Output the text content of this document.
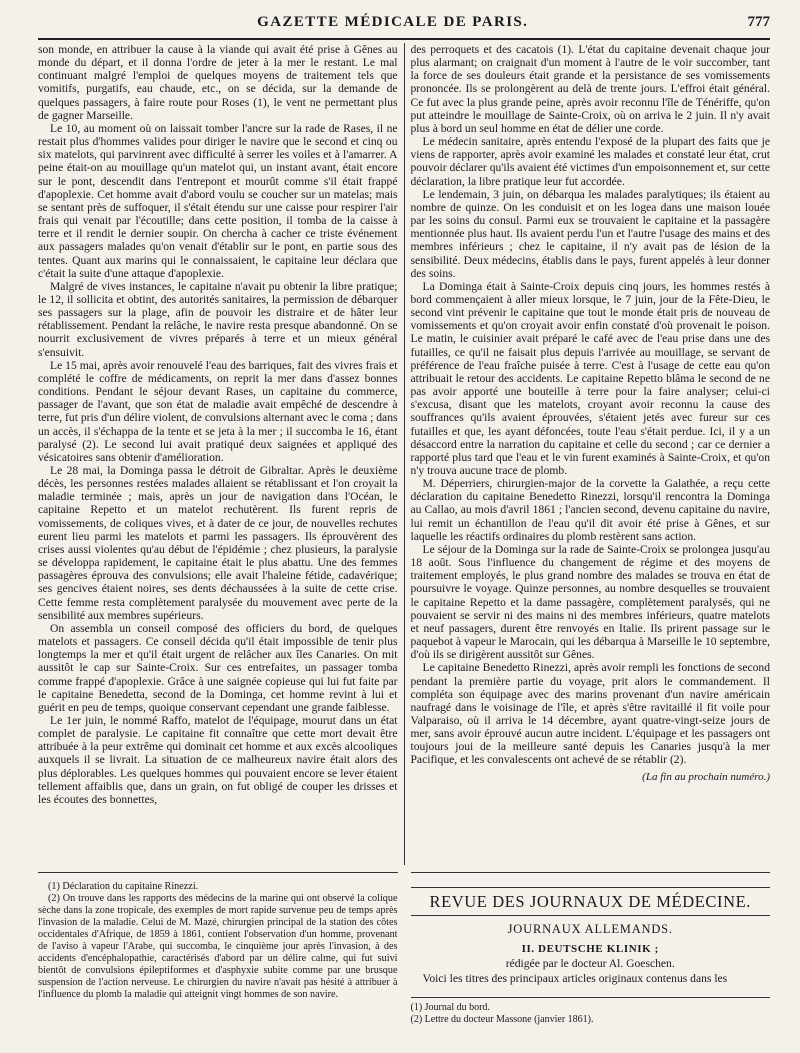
GAZETTE MÉDICALE DE PARIS.	777

son monde, en attribuer la cause à la viande qui avait été prise à Gênes au monde du départ, et il donna l'ordre de jeter à la mer le restant. Le mal continuant malgré l'emploi de quelques moyens de traitement tels que vomitifs, purgatifs, eau chaude, etc., on se décida, sur la demande de quelques passagers, à faire route pour Roses (1), le vent ne permettant plus de gagner Marseille.

Le 10, au moment où on laissait tomber l'ancre sur la rade de Rases, il ne restait plus d'hommes valides pour diriger le navire que le second et cinq ou six matelots, qui parvinrent avec difficulté à serrer les voiles et à l'amarrer. A peine était-on au mouillage qu'un matelot qui, un instant avant, était encore sur le pont, descendit dans l'entrepont et mourût comme s'il était frappé d'apoplexie. Cet homme avait d'abord voulu se coucher sur un matelas; mais se sentant près de suffoquer, il s'était étendu sur une caisse pour respirer l'air frais qui venait par l'écoutille; dans cette position, il tomba de la caisse à terre et il rendit le dernier soupir. On chercha à cacher ce triste événement aux passagers malades qu'on venait d'établir sur le pont, en partie sous des tentes. Quant aux marins qui le connaissaient, le capitaine leur déclara que c'était la suite d'une attaque d'apoplexie.

Malgré de vives instances, le capitaine n'avait pu obtenir la libre pratique; le 12, il sollicita et obtint, des autorités sanitaires, la permission de débarquer ses passagers sur la plage, afin de pouvoir les distraire et de hâter leur rétablissement. Pendant la relâche, le navire resta presque abandonné. On se nourrit exclusivement de vivres préparés à terre et un mieux général s'ensuivit.

Le 15 mai, après avoir renouvelé l'eau des barriques, fait des vivres frais et complété le coffre de médicaments, on reprit la mer dans d'assez bonnes conditions. Pendant le séjour devant Rases, un capitaine du commerce, passager de l'avant, que son état de maladie avait empêché de descendre à terre, fut pris d'un délire violent, de convulsions alternant avec le coma ; dans un accès, il s'échappa de la tente et se jeta à la mer ; il succomba le 16, étant paralysé (2). Le second lui avait pratiqué deux saignées et appliqué des vésicatoires sans obtenir d'amélioration.

Le 28 mai, la Dominga passa le détroit de Gibraltar. Après le deuxième décès, les personnes restées malades allaient se rétablissant et l'on croyait la maladie terminée ; mais, après un jour de navigation dans l'Océan, le capitaine Repetto et un matelot rechutèrent. Ils furent repris de vomissements, de coliques vives, et à dater de ce jour, de nouvelles rechutes eurent lieu parmi les matelots et parmi les passagers. Ils éprouvèrent des crises aussi violentes qu'au début de l'épidémie ; chez plusieurs, la paralysie se développa rapidement, le capitaine était le plus abattu. Une des femmes passagères éprouva des convulsions; elle avait l'haleine fétide, cadavérique; ses gencives étaient noires, ses dents déchaussées à la suite de cette crise. Cette femme resta complètement paralysée du mouvement avec perte de la sensibilité aux membres supérieurs.

On assembla un conseil composé des officiers du bord, de quelques matelots et passagers. Ce conseil décida qu'il était impossible de tenir plus longtemps la mer et qu'il était urgent de relâcher aux îles Canaries. On mit aussitôt le cap sur Sainte-Croix. Sur ces entrefaites, un passager tomba comme frappé d'apoplexie. Grâce à une saignée copieuse qui lui fut faite par le capitaine Benedetta, second de la Dominga, cet homme revint à lui et guérit en peu de temps, quoique conservant cependant une grande faiblesse.

Le 1er juin, le nommé Raffo, matelot de l'équipage, mourut dans un état complet de paralysie. Le capitaine fit connaître que cette mort devait être attribuée à la peur extrême qui dominait cet homme et aux excès alcooliques auxquels il se livrait. La situation de ce malheureux navire était alors des plus déplorables. Les quelques hommes qui pouvaient encore se lever étaient tellement affaiblis que, dans un grain, on fut obligé de couper les drisses et les écoutes des bonnettes,

des perroquets et des cacatois (1). L'état du capitaine devenait chaque jour plus alarmant; on craignait d'un moment à l'autre de le voir succomber, tant la force de ses douleurs était grande et la persistance de ses vomissements prononcée. Ils se prolongèrent au delà de trente jours. L'effroi était général. Ce fut avec la plus grande peine, après avoir reconnu l'île de Ténériffe, qu'on put atteindre le mouillage de Sainte-Croix, où on arriva le 2 juin. Il n'y avait plus à bord un seul homme en état de délier une corde.

Le médecin sanitaire, après entendu l'exposé de la plupart des faits que je viens de rapporter, après avoir examiné les malades et constaté leur état, crut pouvoir déclarer qu'ils avaient été victimes d'un empoisonnement et, sur cette déclaration, la libre pratique leur fut accordée.

Le lendemain, 3 juin, on débarqua les malades paralytiques; ils étaient au nombre de quinze. On les conduisit et on les logea dans une maison louée par les soins du consul. Parmi eux se trouvaient le capitaine et la passagère mentionnée plus haut. Ils avaient perdu l'un et l'autre l'usage des mains et des membres inférieurs ; chez le capitaine, il n'y avait pas de lésion de la sensibilité. Deux médecins, établis dans le pays, furent appelés à leur donner des soins.

La Dominga était à Sainte-Croix depuis cinq jours, les hommes restés à bord commençaient à aller mieux lorsque, le 7 juin, jour de la Fête-Dieu, le second vint prévenir le capitaine que tout le monde était pris de nouveau de vomissements et qu'on croyait avoir enfin constaté d'où provenait le poison. Le matin, le cuisinier avait préparé le café avec de l'eau prise dans une des futailles, ce qu'il ne faisait plus depuis l'arrivée au mouillage, se servant de préférence de l'eau fraîche puisée à terre. C'est à l'usage de cette eau qu'on attribuait le retour des accidents. Le capitaine Repetto blâma le second de ne pas avoir apporté une bouteille à terre pour la faire analyser; celui-ci s'excusa, disant que les matelots, croyant avoir reconnu la cause des souffrances qu'ils avaient éprouvées, s'étaient jetés avec fureur sur ces futailles et que, les ayant défoncées, toute l'eau s'était perdue. Ici, il y a un désaccord entre la narration du capitaine et celle du second ; car ce dernier a rapporté plus tard que l'eau et le vin furent examinés à Sainte-Croix, et qu'on n'y trouva aucune trace de plomb.

M. Déperriers, chirurgien-major de la corvette la Galathée, a reçu cette déclaration du capitaine Benedetto Rinezzi, lorsqu'il rencontra la Dominga au Callao, au mois d'avril 1861 ; l'ancien second, devenu capitaine du navire, lui remit un échantillon de l'eau qu'il dit avoir été prise à Gênes, et sur laquelle les réactifs ordinaires du plomb restèrent sans action.

Le séjour de la Dominga sur la rade de Sainte-Croix se prolongea jusqu'au 18 août. Sous l'influence du changement de régime et des moyens de traitement employés, le plus grand nombre des malades se trouva en état de poursuivre le voyage. Quinze personnes, au nombre desquelles se trouvaient le capitaine Repetto et la dame passagère, complètement paralysés, qui ne pouvaient se servir ni des mains ni des membres inférieurs, quatre matelots et neuf passagers, durent être renvoyés en Italie. Ils prirent passage sur le paquebot à vapeur le Marocain, qui les débarqua à Marseille le 10 septembre, d'où ils se dirigèrent aussitôt sur Gênes.

Le capitaine Benedetto Rinezzi, après avoir rempli les fonctions de second pendant la première partie du voyage, prit alors le commandement. Il compléta son équipage avec des marins provenant d'un navire américain naufragé dans le voisinage de l'île, et après s'être ravitaillé il fit voile pour Valparaiso, où il arriva le 14 décembre, ayant quatre-vingt-seize jours de mer, sans avoir éprouvé aucun autre incident. L'équipage et les passagers ont toujours joui de la meilleure santé depuis les Canaries jusqu'à la mer Pacifique, et les convalescents ont achevé de se rétablir (2).

(La fin au prochain numéro.)

(1) Déclaration du capitaine Rinezzi.

(2) On trouve dans les rapports des médecins de la marine qui ont observé la colique sèche dans la zone tropicale, des exemples de mort rapide survenue peu de temps après l'invasion de la maladie. Celui de M. Mazé, chirurgien principal de la station des côtes occidentales d'Afrique, de 1859 à 1861, contient l'observation d'un homme, provenant de l'aviso à vapeur l'Arabe, qui succomba, le cinquième jour après l'invasion, à des accidents d'encéphalopathie, caractérisés d'abord par un délire calme, qui fut suivi bientôt de convulsions épileptiformes et d'asphyxie subite comme par une brusque suspension de l'action nerveuse. Le chirurgien du navire n'avait pas hésité à attribuer à l'influence du plomb la maladie qui atteignit vingt hommes de son navire.

REVUE DES JOURNAUX DE MÉDECINE.
JOURNAUX ALLEMANDS.
II. DEUTSCHE KLINIK ;
rédigée par le docteur Al. Goeschen.
Voici les titres des principaux articles originaux contenus dans les
(1) Journal du bord.
(2) Lettre du docteur Massone (janvier 1861).
